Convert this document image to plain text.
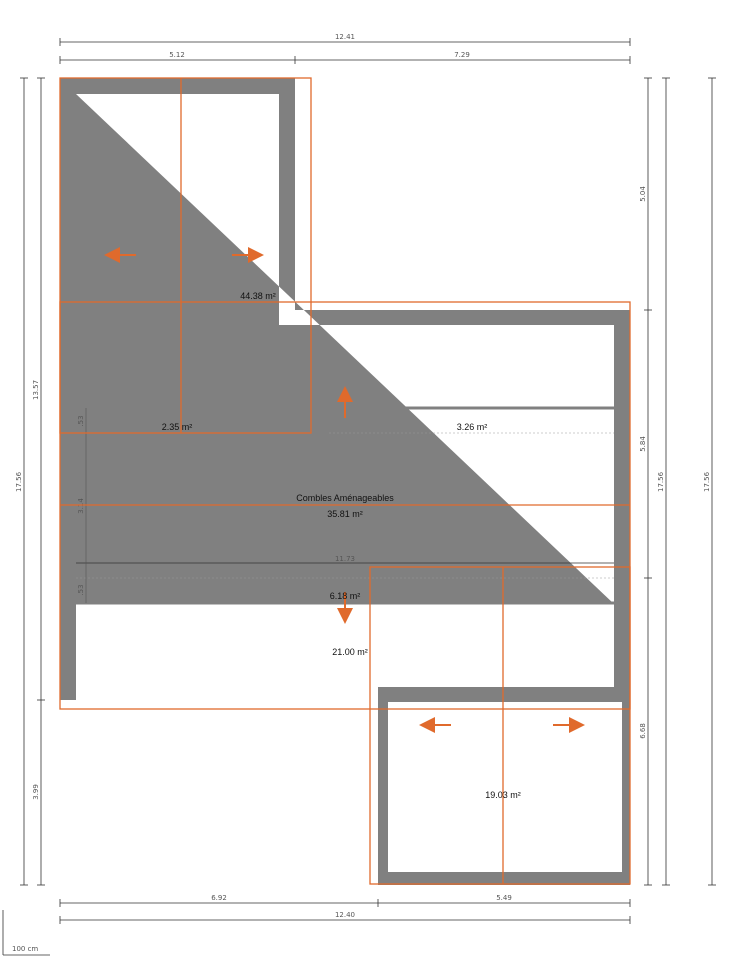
12.41
5.12	7.29
6.92	5.49
12.40
17.56
13.57
3.99
5.04
5.84
6.68
17.56	17.56
11.73
.53
3.14
.53
44.38 m²
2.35 m²	3.26 m²
Combles Aménageables
35.81 m²
6.18 m²
21.00 m²
19.03 m²
100 cm
